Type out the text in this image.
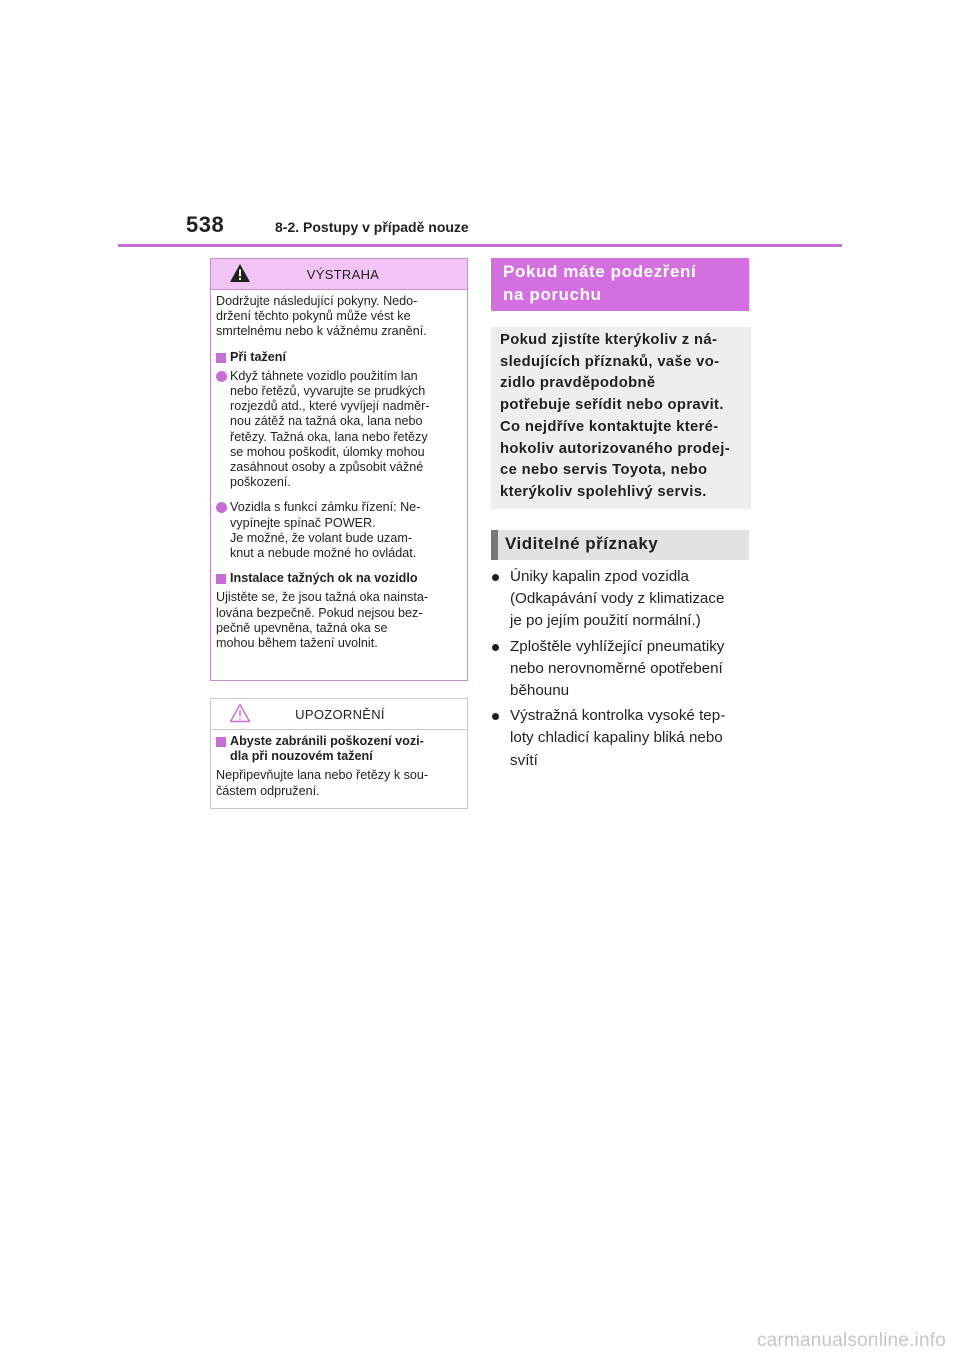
538	8-2. Postupy v případě nouze
VÝSTRAHA

Dodržujte následující pokyny. Nedo-
držení těchto pokynů může vést ke
smrtelnému nebo k vážnému zranění.

Při tažení
Když táhnete vozidlo použitím lan
nebo řetězů, vyvarujte se prudkých
rozjezdů atd., které vyvíjejí nadměr-
nou zátěž na tažná oka, lana nebo
řetězy. Tažná oka, lana nebo řetězy
se mohou poškodit, úlomky mohou
zasáhnout osoby a způsobit vážné
poškození.
Vozidla s funkcí zámku řízení: Ne-
vypínejte spínač POWER.
Je možné, že volant bude uzam-
knut a nebude možné ho ovládat.
Instalace tažných ok na vozidlo

Ujistěte se, že jsou tažná oka nainsta-
lována bezpečně. Pokud nejsou bez-
pečně upevněna, tažná oka se
mohou během tažení uvolnit.

UPOZORNĚNÍ
Abyste zabránili poškození vozi-
dla při nouzovém tažení

Nepřipevňujte lana nebo řetězy k sou-
částem odpružení.

Pokud máte podezření
na poruchu
Pokud zjistíte kterýkoliv z ná-
sledujících příznaků, vaše vo-
zidlo pravděpodobně
potřebuje seřídit nebo opravit.
Co nejdříve kontaktujte které-
hokoliv autorizovaného prodej-
ce nebo servis Toyota, nebo
kterýkoliv spolehlivý servis.
Viditelné příznaky
Úniky kapalin zpod vozidla
(Odkapávání vody z klimatizace
je po jejím použití normální.)
Zploštěle vyhlížející pneumatiky
nebo nerovnoměrné opotřebení
běhounu
Výstražná kontrolka vysoké tep-
loty chladicí kapaliny bliká nebo
svítí
carmanualsonline.info
